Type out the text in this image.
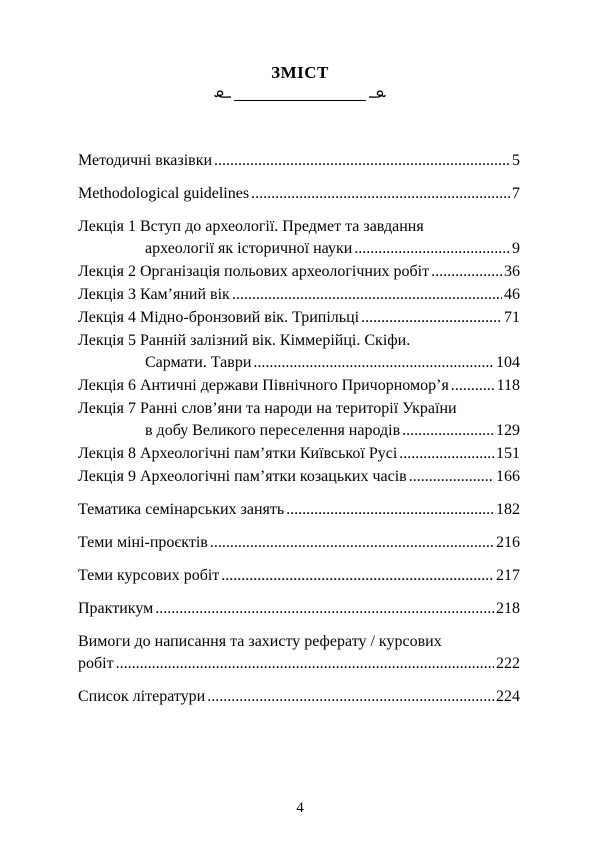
ЗМІСТ
Методичні вказівки .....	5
Methodological guidelines .....	7
Лекція 1 Вступ до археології. Предмет та завдання
археології як історичної науки .....	9
Лекція 2 Організація польових археологічних робіт .....	36
Лекція 3 Кам’яний вік .....	46
Лекція 4 Мідно-бронзовий вік. Трипільці .....	71
Лекція 5 Ранній залізний вік. Кіммерійці. Скіфи.
Сармати. Таври .....	104
Лекція 6 Античні держави Північного Причорномор’я .....	118
Лекція 7 Ранні слов’яни та народи на території України
в добу Великого переселення народів .....	129
Лекція 8 Археологічні пам’ятки Київської Русі .....	151
Лекція 9 Археологічні пам’ятки козацьких часів .....	166
Тематика семінарських занять .....	182
Теми міні-проєктів .....	216
Теми курсових робіт .....	217
Практикум .....	218
Вимоги до написання та захисту реферату / курсових
робіт .....	222
Список літератури .....	224
4
